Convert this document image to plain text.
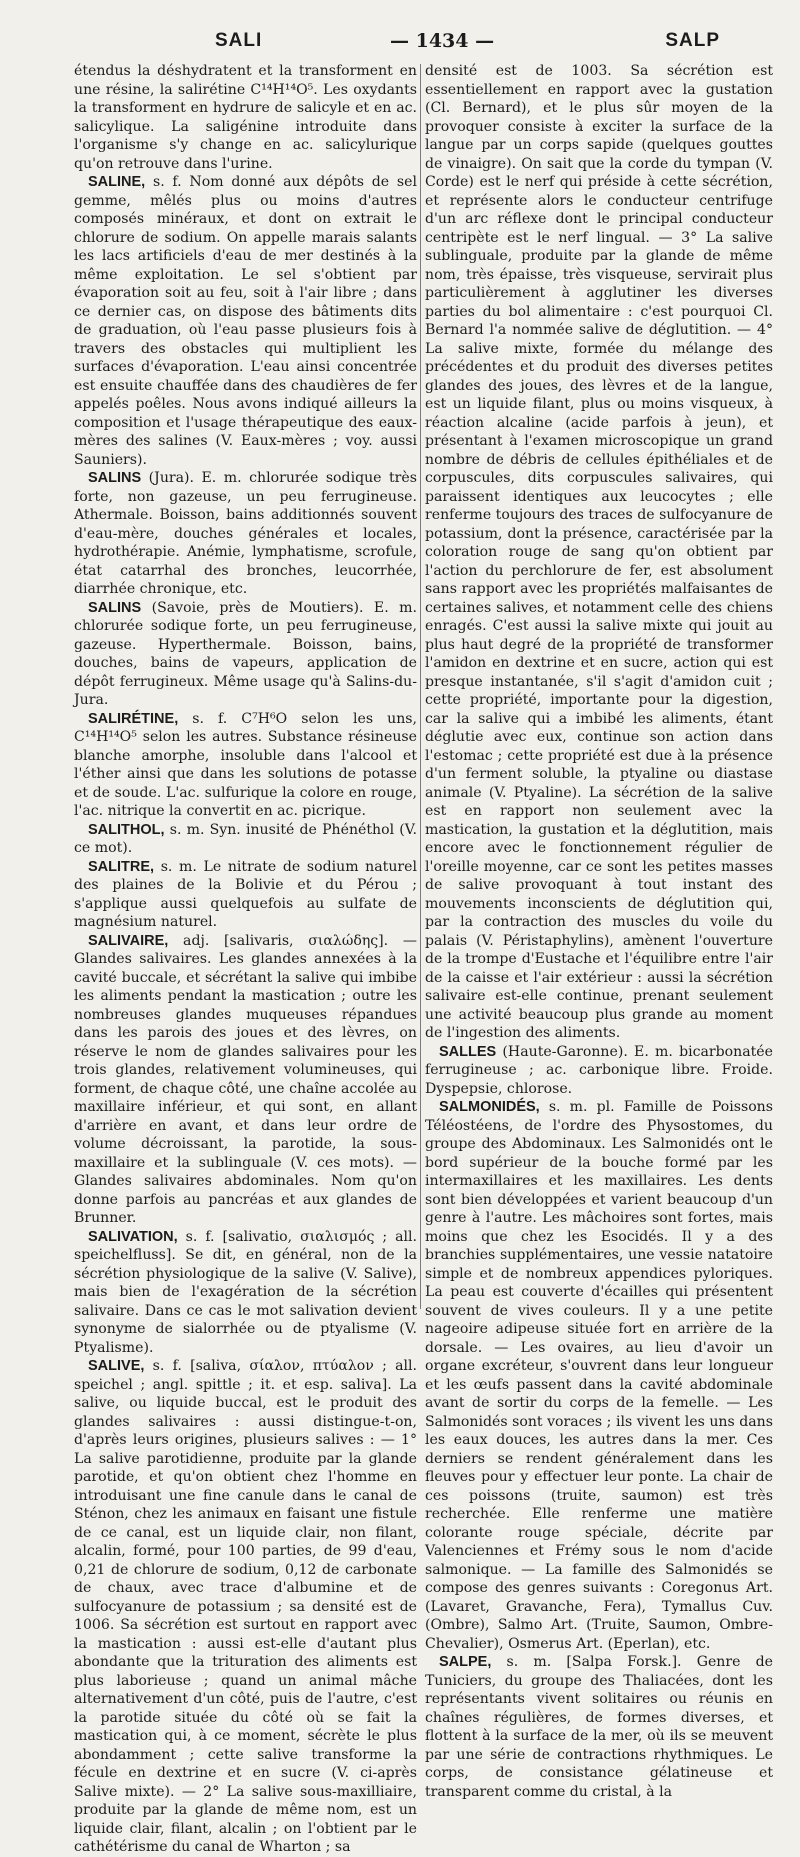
SALI	— 1434 —	SALP

étendus la déshydratent et la transforment en une résine, la salirétine C¹⁴H¹⁴O⁵. Les oxydants la transforment en hydrure de salicyle et en ac. salicylique. La saligénine introduite dans l'organisme s'y change en ac. salicylurique qu'on retrouve dans l'urine.

SALINE, s. f. Nom donné aux dépôts de sel gemme, mêlés plus ou moins d'autres composés minéraux, et dont on extrait le chlorure de sodium. On appelle marais salants les lacs artificiels d'eau de mer destinés à la même exploitation. Le sel s'obtient par évaporation soit au feu, soit à l'air libre ; dans ce dernier cas, on dispose des bâtiments dits de graduation, où l'eau passe plusieurs fois à travers des obstacles qui multiplient les surfaces d'évaporation. L'eau ainsi concentrée est ensuite chauffée dans des chaudières de fer appelés poêles. Nous avons indiqué ailleurs la composition et l'usage thérapeutique des eaux-mères des salines (V. Eaux-mères ; voy. aussi Sauniers).

SALINS (Jura). E. m. chlorurée sodique très forte, non gazeuse, un peu ferrugineuse. Athermale. Boisson, bains additionnés souvent d'eau-mère, douches générales et locales, hydrothérapie. Anémie, lymphatisme, scrofule, état catarrhal des bronches, leucorrhée, diarrhée chronique, etc.

SALINS (Savoie, près de Moutiers). E. m. chlorurée sodique forte, un peu ferrugineuse, gazeuse. Hyperthermale. Boisson, bains, douches, bains de vapeurs, application de dépôt ferrugineux. Même usage qu'à Salins-du-Jura.

SALIRÉTINE, s. f. C⁷H⁶O selon les uns, C¹⁴H¹⁴O⁵ selon les autres. Substance résineuse blanche amorphe, insoluble dans l'alcool et l'éther ainsi que dans les solutions de potasse et de soude. L'ac. sulfurique la colore en rouge, l'ac. nitrique la convertit en ac. picrique.

SALITHOL, s. m. Syn. inusité de Phénéthol (V. ce mot).

SALITRE, s. m. Le nitrate de sodium naturel des plaines de la Bolivie et du Pérou ; s'applique aussi quelquefois au sulfate de magnésium naturel.

SALIVAIRE, adj. [salivaris, σιαλώδης]. — Glandes salivaires. Les glandes annexées à la cavité buccale, et sécrétant la salive qui imbibe les aliments pendant la mastication ; outre les nombreuses glandes muqueuses répandues dans les parois des joues et des lèvres, on réserve le nom de glandes salivaires pour les trois glandes, relativement volumineuses, qui forment, de chaque côté, une chaîne accolée au maxillaire inférieur, et qui sont, en allant d'arrière en avant, et dans leur ordre de volume décroissant, la parotide, la sous-maxillaire et la sublinguale (V. ces mots). — Glandes salivaires abdominales. Nom qu'on donne parfois au pancréas et aux glandes de Brunner.

SALIVATION, s. f. [salivatio, σιαλισμός ; all. speichelfluss]. Se dit, en général, non de la sécrétion physiologique de la salive (V. Salive), mais bien de l'exagération de la sécrétion salivaire. Dans ce cas le mot salivation devient synonyme de sialorrhée ou de ptyalisme (V. Ptyalisme).

SALIVE, s. f. [saliva, σίαλον, πτύαλον ; all. speichel ; angl. spittle ; it. et esp. saliva]. La salive, ou liquide buccal, est le produit des glandes salivaires : aussi distingue-t-on, d'après leurs origines, plusieurs salives : — 1° La salive parotidienne, produite par la glande parotide, et qu'on obtient chez l'homme en introduisant une fine canule dans le canal de Sténon, chez les animaux en faisant une fistule de ce canal, est un liquide clair, non filant, alcalin, formé, pour 100 parties, de 99 d'eau, 0,21 de chlorure de sodium, 0,12 de carbonate de chaux, avec trace d'albumine et de sulfocyanure de potassium ; sa densité est de 1006. Sa sécrétion est surtout en rapport avec la mastication : aussi est-elle d'autant plus abondante que la trituration des aliments est plus laborieuse ; quand un animal mâche alternativement d'un côté, puis de l'autre, c'est la parotide située du côté où se fait la mastication qui, à ce moment, sécrète le plus abondamment ; cette salive transforme la fécule en dextrine et en sucre (V. ci-après Salive mixte). — 2° La salive sous-maxilliaire, produite par la glande de même nom, est un liquide clair, filant, alcalin ; on l'obtient par le cathétérisme du canal de Wharton ; sa

densité est de 1003. Sa sécrétion est essentiellement en rapport avec la gustation (Cl. Bernard), et le plus sûr moyen de la provoquer consiste à exciter la surface de la langue par un corps sapide (quelques gouttes de vinaigre). On sait que la corde du tympan (V. Corde) est le nerf qui préside à cette sécrétion, et représente alors le conducteur centrifuge d'un arc réflexe dont le principal conducteur centripète est le nerf lingual. — 3° La salive sublinguale, produite par la glande de même nom, très épaisse, très visqueuse, servirait plus particulièrement à agglutiner les diverses parties du bol alimentaire : c'est pourquoi Cl. Bernard l'a nommée salive de déglutition. — 4° La salive mixte, formée du mélange des précédentes et du produit des diverses petites glandes des joues, des lèvres et de la langue, est un liquide filant, plus ou moins visqueux, à réaction alcaline (acide parfois à jeun), et présentant à l'examen microscopique un grand nombre de débris de cellules épithéliales et de corpuscules, dits corpuscules salivaires, qui paraissent identiques aux leucocytes ; elle renferme toujours des traces de sulfocyanure de potassium, dont la présence, caractérisée par la coloration rouge de sang qu'on obtient par l'action du perchlorure de fer, est absolument sans rapport avec les propriétés malfaisantes de certaines salives, et notamment celle des chiens enragés. C'est aussi la salive mixte qui jouit au plus haut degré de la propriété de transformer l'amidon en dextrine et en sucre, action qui est presque instantanée, s'il s'agit d'amidon cuit ; cette propriété, importante pour la digestion, car la salive qui a imbibé les aliments, étant déglutie avec eux, continue son action dans l'estomac ; cette propriété est due à la présence d'un ferment soluble, la ptyaline ou diastase animale (V. Ptyaline). La sécrétion de la salive est en rapport non seulement avec la mastication, la gustation et la déglutition, mais encore avec le fonctionnement régulier de l'oreille moyenne, car ce sont les petites masses de salive provoquant à tout instant des mouvements inconscients de déglutition qui, par la contraction des muscles du voile du palais (V. Péristaphylins), amènent l'ouverture de la trompe d'Eustache et l'équilibre entre l'air de la caisse et l'air extérieur : aussi la sécrétion salivaire est-elle continue, prenant seulement une activité beaucoup plus grande au moment de l'ingestion des aliments.

SALLES (Haute-Garonne). E. m. bicarbonatée ferrugineuse ; ac. carbonique libre. Froide. Dyspepsie, chlorose.

SALMONIDÉS, s. m. pl. Famille de Poissons Téléostéens, de l'ordre des Physostomes, du groupe des Abdominaux. Les Salmonidés ont le bord supérieur de la bouche formé par les intermaxillaires et les maxillaires. Les dents sont bien développées et varient beaucoup d'un genre à l'autre. Les mâchoires sont fortes, mais moins que chez les Esocidés. Il y a des branchies supplémentaires, une vessie natatoire simple et de nombreux appendices pyloriques. La peau est couverte d'écailles qui présentent souvent de vives couleurs. Il y a une petite nageoire adipeuse située fort en arrière de la dorsale. — Les ovaires, au lieu d'avoir un organe excréteur, s'ouvrent dans leur longueur et les œufs passent dans la cavité abdominale avant de sortir du corps de la femelle. — Les Salmonidés sont voraces ; ils vivent les uns dans les eaux douces, les autres dans la mer. Ces derniers se rendent généralement dans les fleuves pour y effectuer leur ponte. La chair de ces poissons (truite, saumon) est très recherchée. Elle renferme une matière colorante rouge spéciale, décrite par Valenciennes et Frémy sous le nom d'acide salmonique. — La famille des Salmonidés se compose des genres suivants : Coregonus Art. (Lavaret, Gravanche, Fera), Tymallus Cuv. (Ombre), Salmo Art. (Truite, Saumon, Ombre-Chevalier), Osmerus Art. (Eperlan), etc.

SALPE, s. m. [Salpa Forsk.]. Genre de Tuniciers, du groupe des Thaliacées, dont les représentants vivent solitaires ou réunis en chaînes régulières, de formes diverses, et flottent à la surface de la mer, où ils se meuvent par une série de contractions rhythmiques. Le corps, de consistance gélatineuse et transparent comme du cristal, à la
